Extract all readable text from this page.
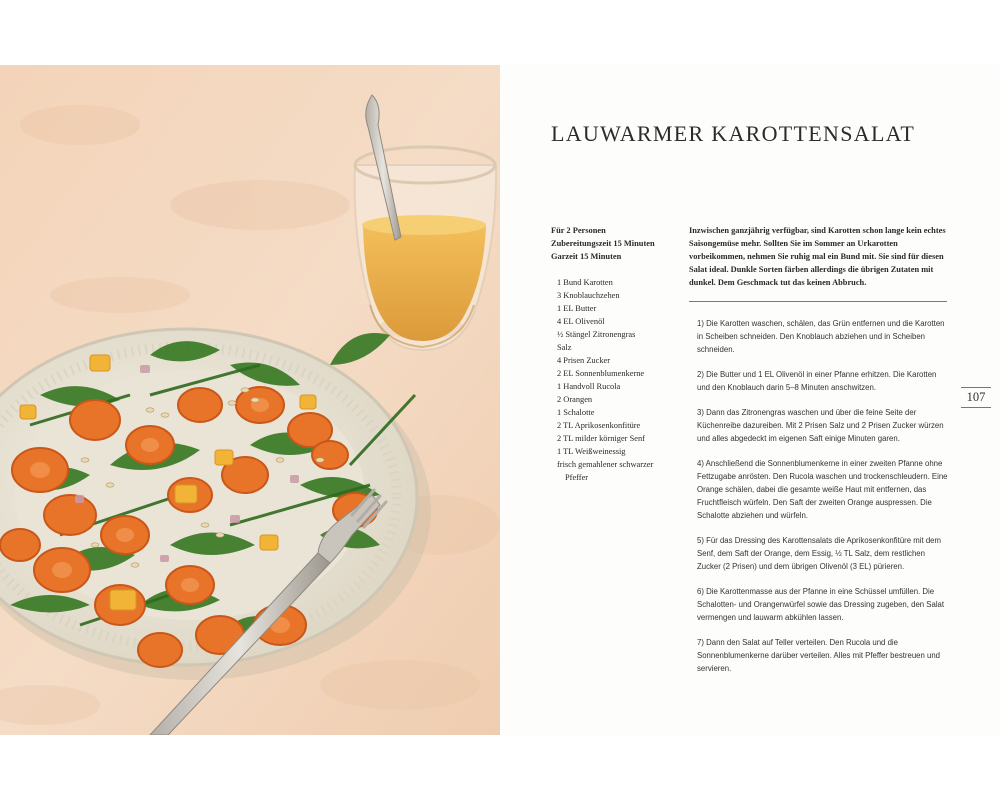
LAUWARMER KAROTTENSALAT
Für 2 Personen
Zubereitungszeit 15 Minuten
Garzeit 15 Minuten
1 Bund Karotten
3 Knoblauchzehen
1 EL Butter
4 EL Olivenöl
½ Stängel Zitronengras
Salz
4 Prisen Zucker
2 EL Sonnenblumenkerne
1 Handvoll Rucola
2 Orangen
1 Schalotte
2 TL Aprikosenkonfitüre
2 TL milder körniger Senf
1 TL Weißweinessig
frisch gemahlener schwarzer Pfeffer

Inzwischen ganzjährig verfügbar, sind Karotten schon lange kein echtes Saisongemüse mehr. Sollten Sie im Sommer an Urkarotten vorbeikommen, nehmen Sie ruhig mal ein Bund mit. Sie sind für diesen Salat ideal. Dunkle Sorten färben allerdings die übrigen Zutaten mit dunkel. Dem Geschmack tut das keinen Abbruch.

1) Die Karotten waschen, schälen, das Grün entfernen und die Karotten in Scheiben schneiden. Den Knoblauch abziehen und in Scheiben schneiden.

2) Die Butter und 1 EL Olivenöl in einer Pfanne erhitzen. Die Karotten und den Knoblauch darin 5–8 Minuten anschwitzen.

3) Dann das Zitronengras waschen und über die feine Seite der Küchenreibe dazureiben. Mit 2 Prisen Salz und 2 Prisen Zucker würzen und alles abgedeckt im eigenen Saft einige Minuten garen.

4) Anschließend die Sonnenblumenkerne in einer zweiten Pfanne ohne Fettzugabe anrösten. Den Rucola waschen und trockenschleudern. Eine Orange schälen, dabei die gesamte weiße Haut mit entfernen, das Fruchtfleisch würfeln. Den Saft der zweiten Orange auspressen. Die Schalotte abziehen und würfeln.

5) Für das Dressing des Karottensalats die Aprikosenkonfitüre mit dem Senf, dem Saft der Orange, dem Essig, ½ TL Salz, dem restlichen Zucker (2 Prisen) und dem übrigen Olivenöl (3 EL) pürieren.

6) Die Karottenmasse aus der Pfanne in eine Schüssel umfüllen. Die Schalotten- und Orangenwürfel sowie das Dressing zugeben, den Salat vermengen und lauwarm abkühlen lassen.

7) Dann den Salat auf Teller verteilen. Den Rucola und die Sonnenblumenkerne darüber verteilen. Alles mit Pfeffer bestreuen und servieren.

107
